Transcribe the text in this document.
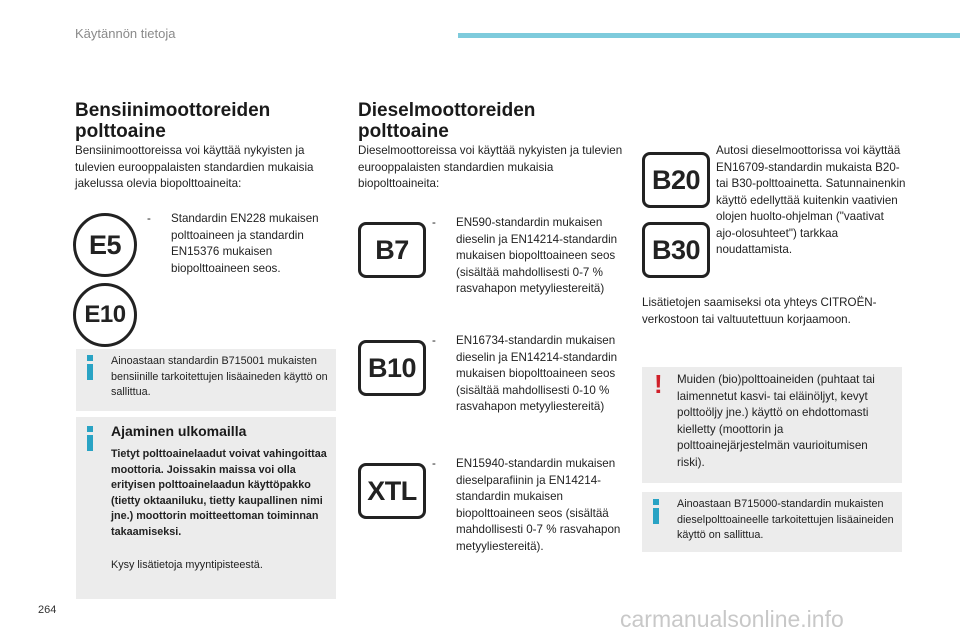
Käytännön tietoja
Bensiinimoottoreiden
polttoaine
Bensiinimoottoreissa voi käyttää nykyisten ja tulevien eurooppalaisten standardien mukaisia jakelussa olevia biopolttoaineita:
E5
E10
- Standardin EN228 mukaisen polttoaineen ja standardin EN15376 mukaisen biopolttoaineen seos.
Ainoastaan standardin B715001 mukaisten bensiinille tarkoitettujen lisäaineden käyttö on sallittua.
Ajaminen ulkomailla
Tietyt polttoainelaadut voivat vahingoittaa moottoria. Joissakin maissa voi olla erityisen polttoainelaadun käyttöpakko (tietty oktaaniluku, tietty kaupallinen nimi jne.) moottorin moitteettoman toiminnan takaamiseksi.
Kysy lisätietoja myyntipisteestä.
Dieselmoottoreiden
polttoaine
Dieselmoottoreissa voi käyttää nykyisten ja tulevien eurooppalaisten standardien mukaisia biopolttoaineita:
B7
- EN590-standardin mukaisen dieselin ja EN14214-standardin mukaisen biopolttoaineen seos (sisältää mahdollisesti 0-7 % rasvahapon metyyliestereitä)
B10
- EN16734-standardin mukaisen dieselin ja EN14214-standardin mukaisen biopolttoaineen seos (sisältää mahdollisesti 0-10 % rasvahapon metyyliestereitä)
XTL
- EN15940-standardin mukaisen dieselparafiinin ja EN14214-standardin mukaisen biopolttoaineen seos (sisältää mahdollisesti 0-7 % rasvahapon metyyliestereitä).
B20
B30
Autosi dieselmoottorissa voi käyttää EN16709-standardin mukaista B20- tai B30-polttoainetta. Satunnainenkin käyttö edellyttää kuitenkin vaativien olojen huolto-ohjelman ("vaativat ajo-olosuhteet") tarkkaa noudattamista.
Lisätietojen saamiseksi ota yhteys CITROËN-verkostoon tai valtuutettuun korjaamoon.
! Muiden (bio)polttoaineiden (puhtaat tai laimennetut kasvi- tai eläinöljyt, kevyt polttoöljy jne.) käyttö on ehdottomasti kielletty (moottorin ja polttoainejärjestelmän vaurioitumisen riski).
Ainoastaan B715000-standardin mukaisten dieselpolttoaineelle tarkoitettujen lisäaineiden käyttö on sallittua.
264	carmanualsonline.info
